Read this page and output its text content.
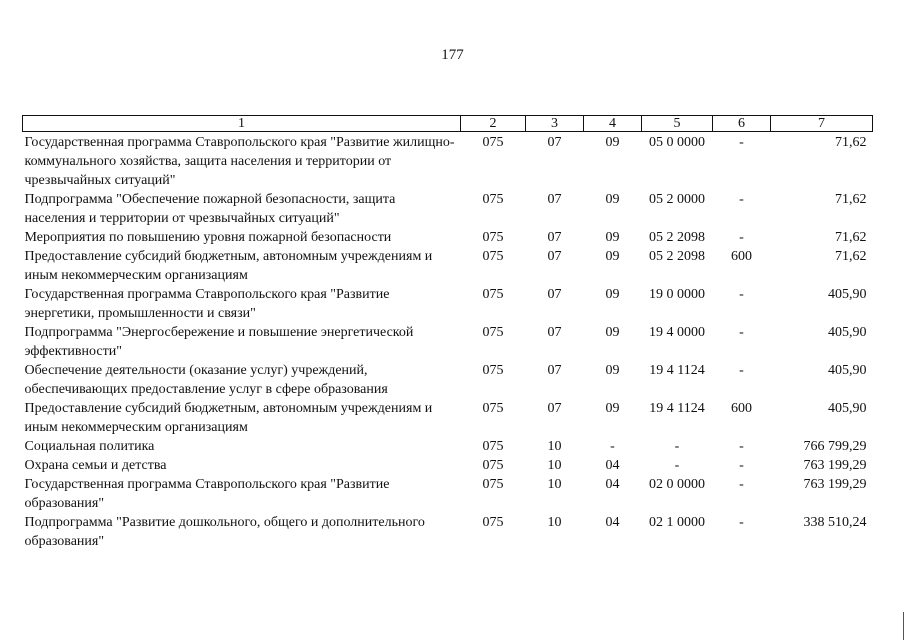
177
1	2	3	4	5	6	7
Государственная программа Ставропольского края "Развитие жилищно-коммунального хозяйства, защита населения и территории от чрезвычайных ситуаций"	075	07	09	05 0 0000	-	71,62
Подпрограмма "Обеспечение пожарной безопасности, защита населения и территории от чрезвычайных ситуаций"	075	07	09	05 2 0000	-	71,62
Мероприятия по повышению уровня пожарной безопасности	075	07	09	05 2 2098	-	71,62
Предоставление субсидий бюджетным, автономным учреждениям и иным некоммерческим организациям	075	07	09	05 2 2098	600	71,62
Государственная программа Ставропольского края "Развитие энергетики, промышленности и связи"	075	07	09	19 0 0000	-	405,90
Подпрограмма "Энергосбережение и повышение энергетической эффективности"	075	07	09	19 4 0000	-	405,90
Обеспечение деятельности (оказание услуг) учреждений, обеспечивающих предоставление услуг в сфере образования	075	07	09	19 4 1124	-	405,90
Предоставление субсидий бюджетным, автономным учреждениям и иным некоммерческим организациям	075	07	09	19 4 1124	600	405,90
Социальная политика	075	10	-	-	-	766 799,29
Охрана семьи и детства	075	10	04	-	-	763 199,29
Государственная программа Ставропольского края "Развитие образования"	075	10	04	02 0 0000	-	763 199,29
Подпрограмма "Развитие дошкольного, общего и дополнительного образования"	075	10	04	02 1 0000	-	338 510,24
